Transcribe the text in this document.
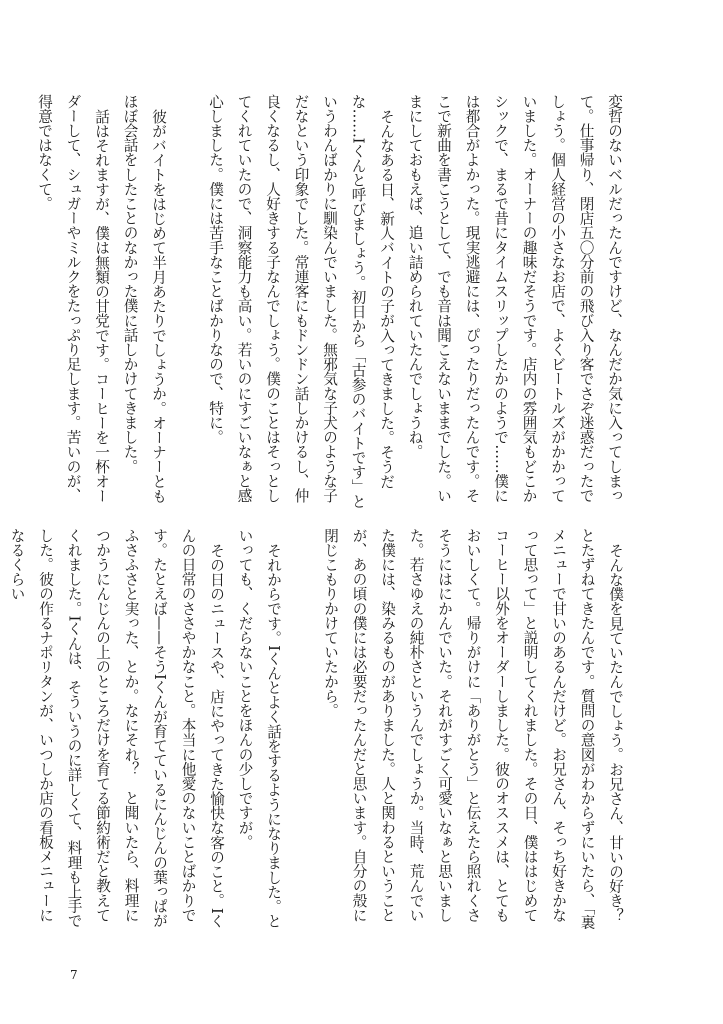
変哲のないベルだったんですけど、なんだか気に入ってしまって。仕事帰り、閉店五〇分前の飛び入り客でさぞ迷惑だったでしょう。個人経営の小さなお店で、よくビートルズがかかっていました。オーナーの趣味だそうです。店内の雰囲気もどこかシックで、まるで昔にタイムスリップしたかのようで……僕には都合がよかった。現実逃避には、ぴったりだったんです。そこで新曲を書こうとして、でも音は聞こえないままでした。いまにしておもえば、追い詰められていたんでしょうね。

そんなある日、新人バイトの子が入ってきました。そうだな……Iくんと呼びましょう。初日から「古参のバイトです」というわんばかりに馴染んでいました。無邪気な子犬のような子だなという印象でした。常連客にもドンドン話しかけるし、仲良くなるし、人好きする子なんでしょう。僕のことはそっとしてくれていたので、洞察能力も高い。若いのにすごいなぁと感心しました。僕には苦手なことばかりなので、特に。

彼がバイトをはじめて半月あたりでしょうか。オーナーともほぼ会話をしたことのなかった僕に話しかけてきました。

話はそれますが、僕は無類の甘党です。コーヒーを一杯オーダーして、シュガーやミルクをたっぷり足します。苦いのが、得意ではなくて。

そんな僕を見ていたんでしょう。お兄さん、甘いの好き？　とたずねてきたんです。質問の意図がわからずにいたら、「裏メニューで甘いのあるんだけど。お兄さん、そっち好きかなって思って」と説明してくれました。その日、僕ははじめてコーヒー以外をオーダーしました。彼のオススメは、とてもおいしくて。帰りがけに「ありがとう」と伝えたら照れくさそうにはにかんでいた。それがすごく可愛いなぁと思いました。若さゆえの純朴さというんでしょうか。当時、荒んでいた僕には、染みるものがありました。人と関わるということが、あの頃の僕には必要だったんだと思います。自分の殻に閉じこもりかけていたから。

それからです。Iくんとよく話をするようになりました。といっても、くだらないことをほんの少しですが。

その日のニュースや、店にやってきた愉快な客のこと。Iくんの日常のささやかなこと。本当に他愛のないことばかりです。たとえば——そうIくんが育てているにんじんの葉っぱがふさふさと実った、とか。なにそれ？　と聞いたら、料理につかうにんじんの上のところだけを育てる節約術だと教えてくれました。Iくんは、そういうのに詳しくて、料理も上手でした。彼の作るナポリタンが、いつしか店の看板メニューになるくらい

7
